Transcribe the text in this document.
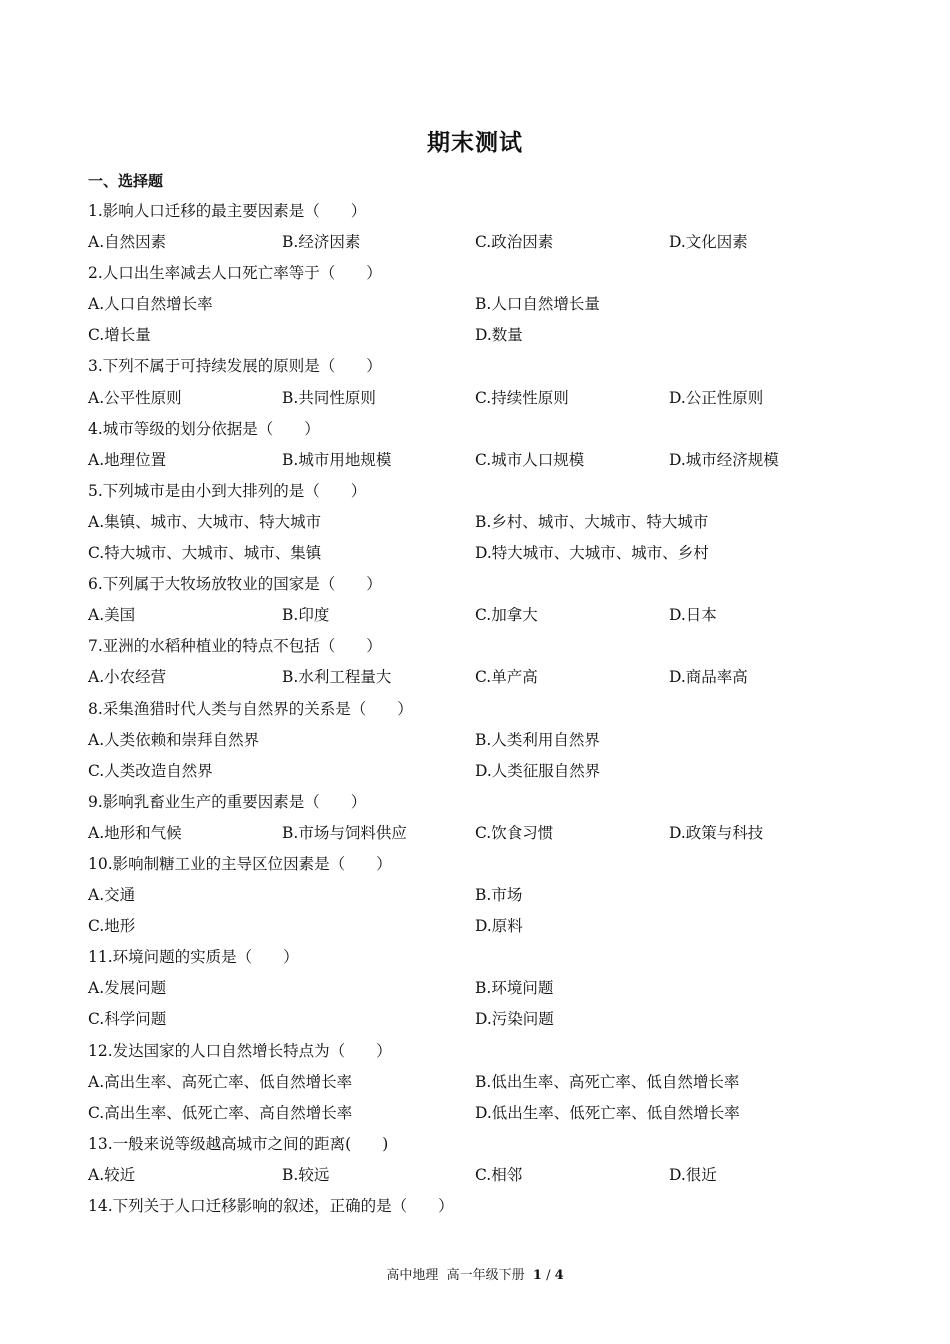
期末测试
一、选择题
1.影响人口迁移的最主要因素是（　　）
A.自然因素	B.经济因素	C.政治因素	D.文化因素
2.人口出生率减去人口死亡率等于（　　）
A.人口自然增长率	B.人口自然增长量
C.增长量	D.数量
3.下列不属于可持续发展的原则是（　　）
A.公平性原则	B.共同性原则	C.持续性原则	D.公正性原则
4.城市等级的划分依据是（　　）
A.地理位置	B.城市用地规模	C.城市人口规模	D.城市经济规模
5.下列城市是由小到大排列的是（　　）
A.集镇、城市、大城市、特大城市	B.乡村、城市、大城市、特大城市
C.特大城市、大城市、城市、集镇	D.特大城市、大城市、城市、乡村
6.下列属于大牧场放牧业的国家是（　　）
A.美国	B.印度	C.加拿大	D.日本
7.亚洲的水稻种植业的特点不包括（　　）
A.小农经营	B.水利工程量大	C.单产高	D.商品率高
8.采集渔猎时代人类与自然界的关系是（　　）
A.人类依赖和崇拜自然界	B.人类利用自然界
C.人类改造自然界	D.人类征服自然界
9.影响乳畜业生产的重要因素是（　　）
A.地形和气候	B.市场与饲料供应	C.饮食习惯	D.政策与科技
10.影响制糖工业的主导区位因素是（　　）
A.交通	B.市场
C.地形	D.原料
11.环境问题的实质是（　　）
A.发展问题	B.环境问题
C.科学问题	D.污染问题
12.发达国家的人口自然增长特点为（　　）
A.高出生率、高死亡率、低自然增长率	B.低出生率、高死亡率、低自然增长率
C.高出生率、低死亡率、高自然增长率	D.低出生率、低死亡率、低自然增长率
13.一般来说等级越高城市之间的距离(　　)
A.较近	B.较远	C.相邻	D.很近
14.下列关于人口迁移影响的叙述，正确的是（　　）
高中地理 高一年级下册 1 / 4
